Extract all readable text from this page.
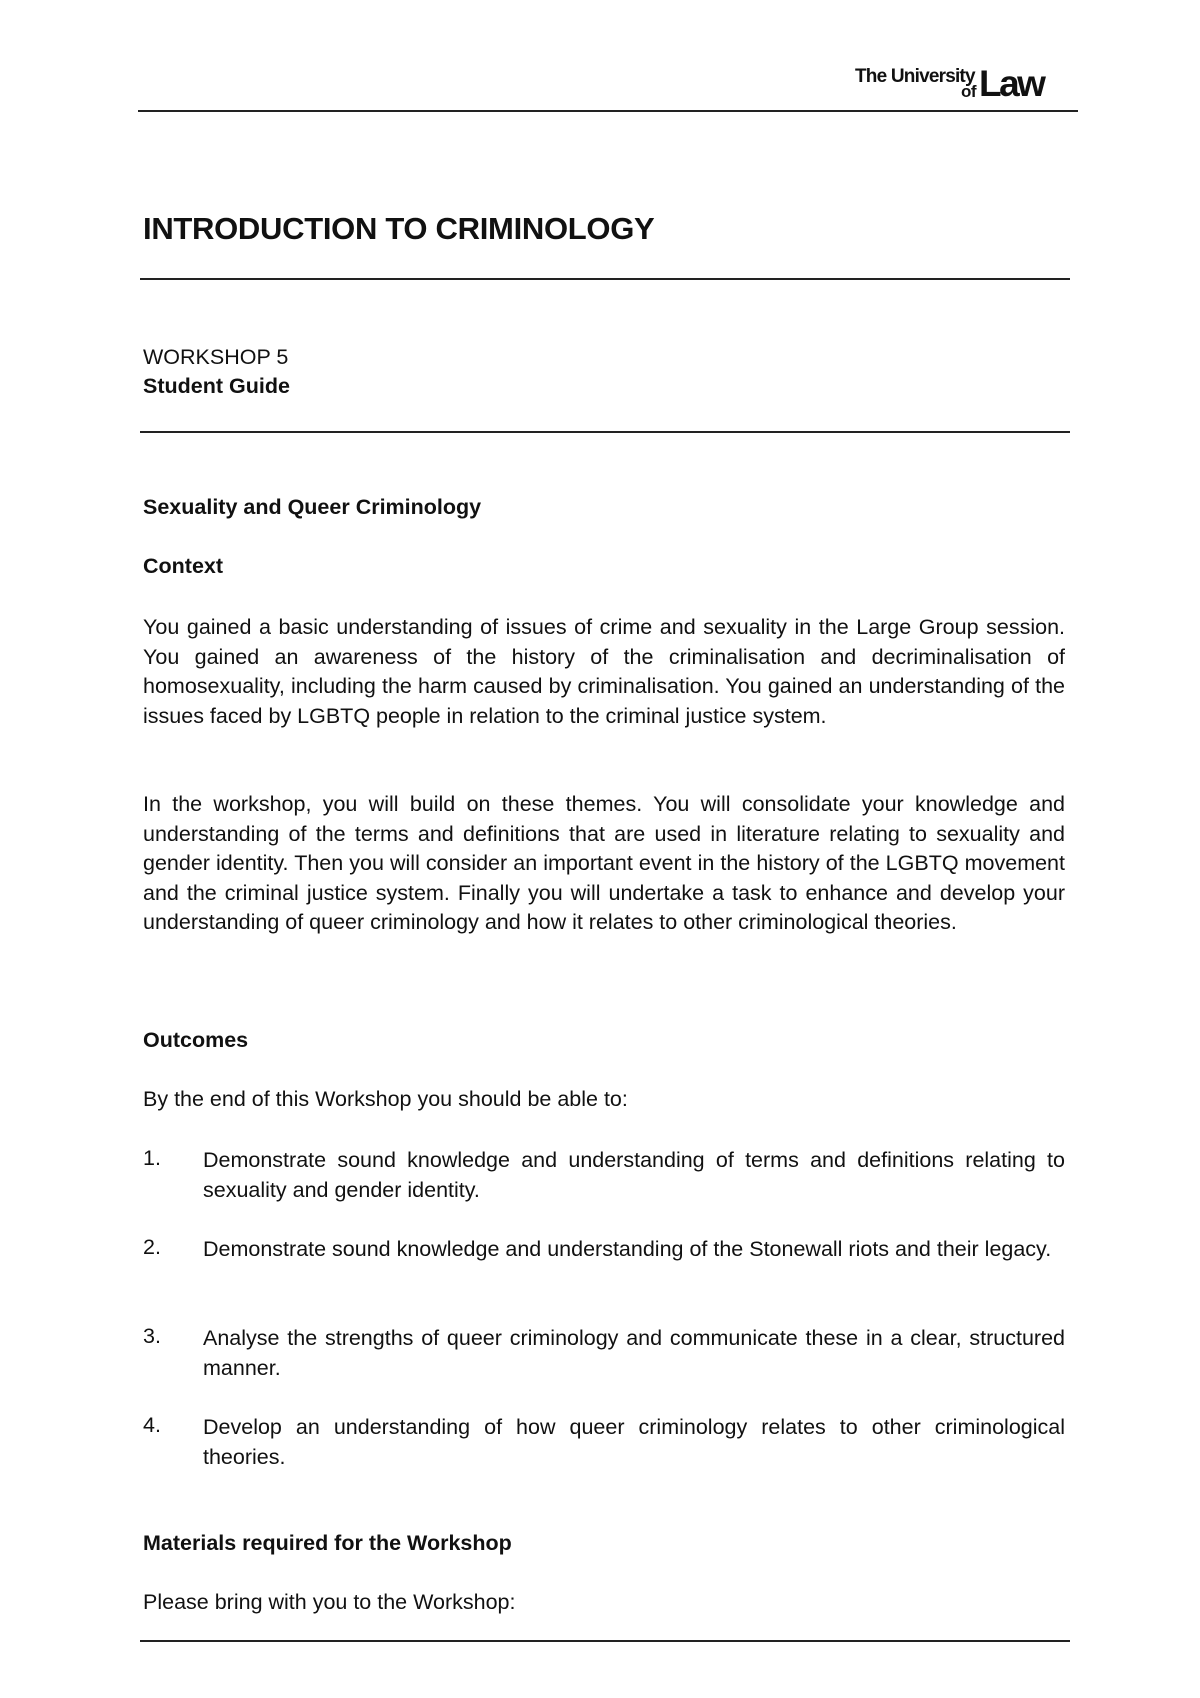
The University
of Law
INTRODUCTION TO CRIMINOLOGY
WORKSHOP 5
Student Guide
Sexuality and Queer Criminology
Context
You gained a basic understanding of issues of crime and sexuality in the Large Group session. You gained an awareness of the history of the criminalisation and decriminalisation of homosexuality, including the harm caused by criminalisation. You gained an understanding of the issues faced by LGBTQ people in relation to the criminal justice system.
In the workshop, you will build on these themes. You will consolidate your knowledge and understanding of the terms and definitions that are used in literature relating to sexuality and gender identity. Then you will consider an important event in the history of the LGBTQ movement and the criminal justice system. Finally you will undertake a task to enhance and develop your understanding of queer criminology and how it relates to other criminological theories.
Outcomes
By the end of this Workshop you should be able to:
1. Demonstrate sound knowledge and understanding of terms and definitions relating to sexuality and gender identity.
2. Demonstrate sound knowledge and understanding of the Stonewall riots and their legacy.
3. Analyse the strengths of queer criminology and communicate these in a clear, structured manner.
4. Develop an understanding of how queer criminology relates to other criminological theories.
Materials required for the Workshop
Please bring with you to the Workshop:
